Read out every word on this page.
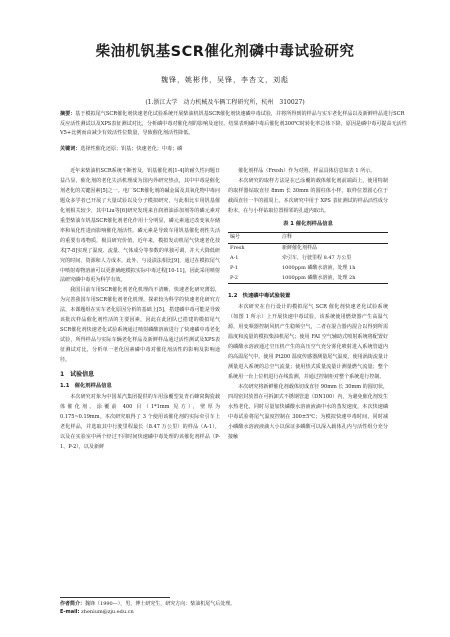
柴油机钒基SCR催化剂磷中毒试验研究
魏锋，姚彬伟，吴锋，李杏文，刘彪
(1.浙江大学　动力机械及车辆工程研究所，杭州　310027)
摘要：基于模拟尾气SCR催化剂快速老化试验系统开展柴油机钒基SCR催化剂快速磷中毒试验，并将所得到的样品与实车老化样品以及新鲜样品进行SCR反应活性测试以及XPS表征测试对比，分析磷中毒对催化剂的影响及途径。结果表明磷中毒后催化剂300℃时转化率总体下降，原因是磷中毒可提高无活性V5+比例而由减少有效活性位数量，导致催化剂活性降低。
关键词：选择性催化还原；钒基；快速老化；中毒；磷

近年来柴油机SCR系统不断普及，钒基催化剂[1-4]的耐久性问题日益凸显，催化剂的老化失活机理成为国内外研究热点，其中中毒是催化剂老化的关键因素[5]之一。电厂SCR催化剂的碱金属及其氧化物中毒问题众多学者已开展了大量试验以及分子模拟研究，与此相比车用钒基催化剂相关较少，其中Liu等[6]研究发现来自润滑油添加剂等的磷元素对重型柴油车钒基SCR催化剂老化作用十分明显，磷元素通过改变氧存储率和氧化性进而影响催化剂活性。磷元素是导致车用钒基催化剂性失活的重要有毒物质，极具研究价值，近年来，模拟发动机尾气快速老化技术[7-8]实现了温度、流量、气体成分等参数的单独可调，并大大降低研究的时间、资源和人力成本。此外，与浸渍法相比[9]，通过在模拟尾气中喷射毒物溶液可以更准确地模拟实际中毒过程[10-11]，因此采用喷射法研究磷中毒更为科学有效。

我国目前车用SCR催化剂老化机理尚不清晰，快速老化研究薄弱，为完善我国车用SCR催化剂老化机理，探索较为科学的快速老化研究方法，本课题组在实车老化原因分析的基础上[5]，搭建磷中毒可能是导致该批次样品催化剂性活的主要因素，因此在此团队已搭建的模拟尾气SCR催化剂快速老化试验系统通过喷射磷酸溶液进行了快速磷中毒老化试验，所得样品与实际车辆老化样品及新鲜样品通过活性测试及XPS表征测试对比，分析单一老化因素磷中毒对催化剂活性的影响及影响途径。

1　试验信息
1.1　催化剂样品信息

本次研究对象为中国某汽集团提供的车用涂覆型复青石蜂窝陶瓷载体催化剂。涂覆前 400 目（1*1mm 见方），壁厚为 0.175~0.19mm。本次研究取得了 3 个使用该催化剂的实际牵引车上老化样品，并选取其中行驶里程最长（8.47 万公里）的样品（A-1），以及在实验室中两个经过不同时间快速磷中毒处理的该催化剂样品（P-1、P-2），以及新鲜

催化剂样品（Fresh）作为对照。样品具体信息如表 1 所示。

本次研究的取样方法是在已涂覆的载体催化剂前端面上，使用特制的取样器钻取直径 8mm 长 30mm 的圆柱体小样。取样位置圆心位于截面直径一半的圆周上。本次研究中用于 XPS 表征测试的样品活性成分粉末，在与小样钻取位置相邻的孔道内取出。

表 1 催化剂样品信息
编号	注释
Fresh	新鲜催化剂样品
A-1	牵引车，行驶里程 8.47 万公里
P-1	1000ppm 磷酸水溶液，处理 1h
P-2	1000ppm 磷酸水溶液，处理 2h
1.2　快速磷中毒试验装置

本次研究在自行设计的模拟尾气 SCR 催化剂快速老化试验系统（如图 1 所示）上开展快速中毒试验，该系统使用燃烧器产生高温气源，用变频器控制风机产生稳频空气，二者在混合器内混合以得到所需温度和流量的模拟柴油机尾气；使用 FAI 空气辅助式喷射系统将配置好的磷酸水溶液通过空压机产生的高压空气充分雾化喷射进入系统管道内的高温尾气中。使用 Pt200 温度传感器测量尾气温度，使用涡街流量计测量进入系统的总空气流量；使用热式质量流量计测量燃气流量；整个系统用一台上位机进行在线监测，并通过控制柜对整个系统进行控制。

本次研究将新鲜催化剂载体切成直径 90mm 长 30mm 的圆切状，四周密封放置在可拆卸式不锈钢管道（DN100）内，为避免催化剂发生水热老化，同时尽量加快磷酸水溶液液滴中水的蒸发速度，本次快速磷中毒试验将尾气温度控制在 300±5℃；为模拟快速中毒时间，同时减小磷酸水溶液液滴大小以保证多磷酸可以深入载体孔内与活性组分充分接触

作者简介：魏锋（1990—），男，博士研究生，研究方向：柴油机尾气后处理。
E-mail: zhenium@zju.edu.cn
